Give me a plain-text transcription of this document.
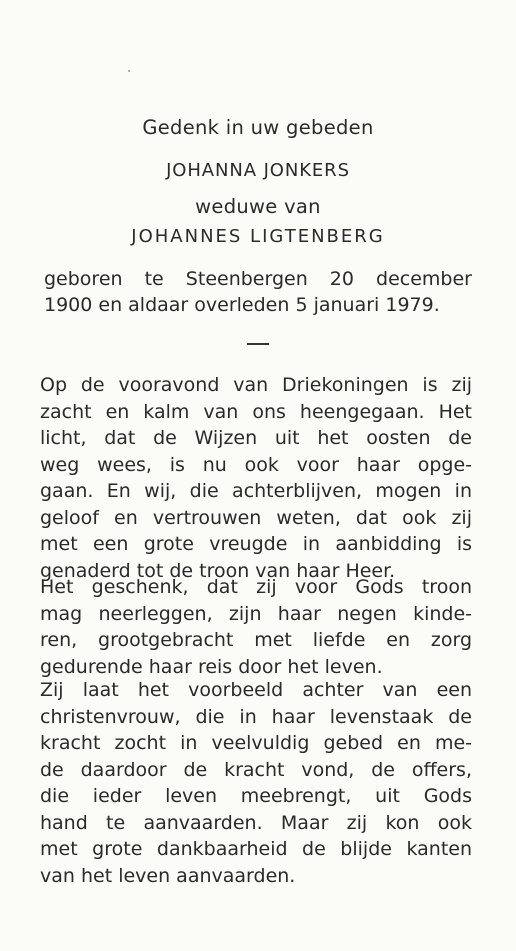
Gedenk in uw gebeden
JOHANNA JONKERS
weduwe van
JOHANNES LIGTENBERG
geboren te Steenbergen 20 december
1900 en aldaar overleden 5 januari 1979.
Op de vooravond van Driekoningen is zij
zacht en kalm van ons heengegaan. Het
licht, dat de Wijzen uit het oosten de
weg wees, is nu ook voor haar opge-
gaan. En wij, die achterblijven, mogen in
geloof en vertrouwen weten, dat ook zij
met een grote vreugde in aanbidding is
genaderd tot de troon van haar Heer.
Het geschenk, dat zij voor Gods troon
mag neerleggen, zijn haar negen kinde-
ren, grootgebracht met liefde en zorg
gedurende haar reis door het leven.
Zij laat het voorbeeld achter van een
christenvrouw, die in haar levenstaak de
kracht zocht in veelvuldig gebed en me-
de daardoor de kracht vond, de offers,
die ieder leven meebrengt, uit Gods
hand te aanvaarden. Maar zij kon ook
met grote dankbaarheid de blijde kanten
van het leven aanvaarden.
